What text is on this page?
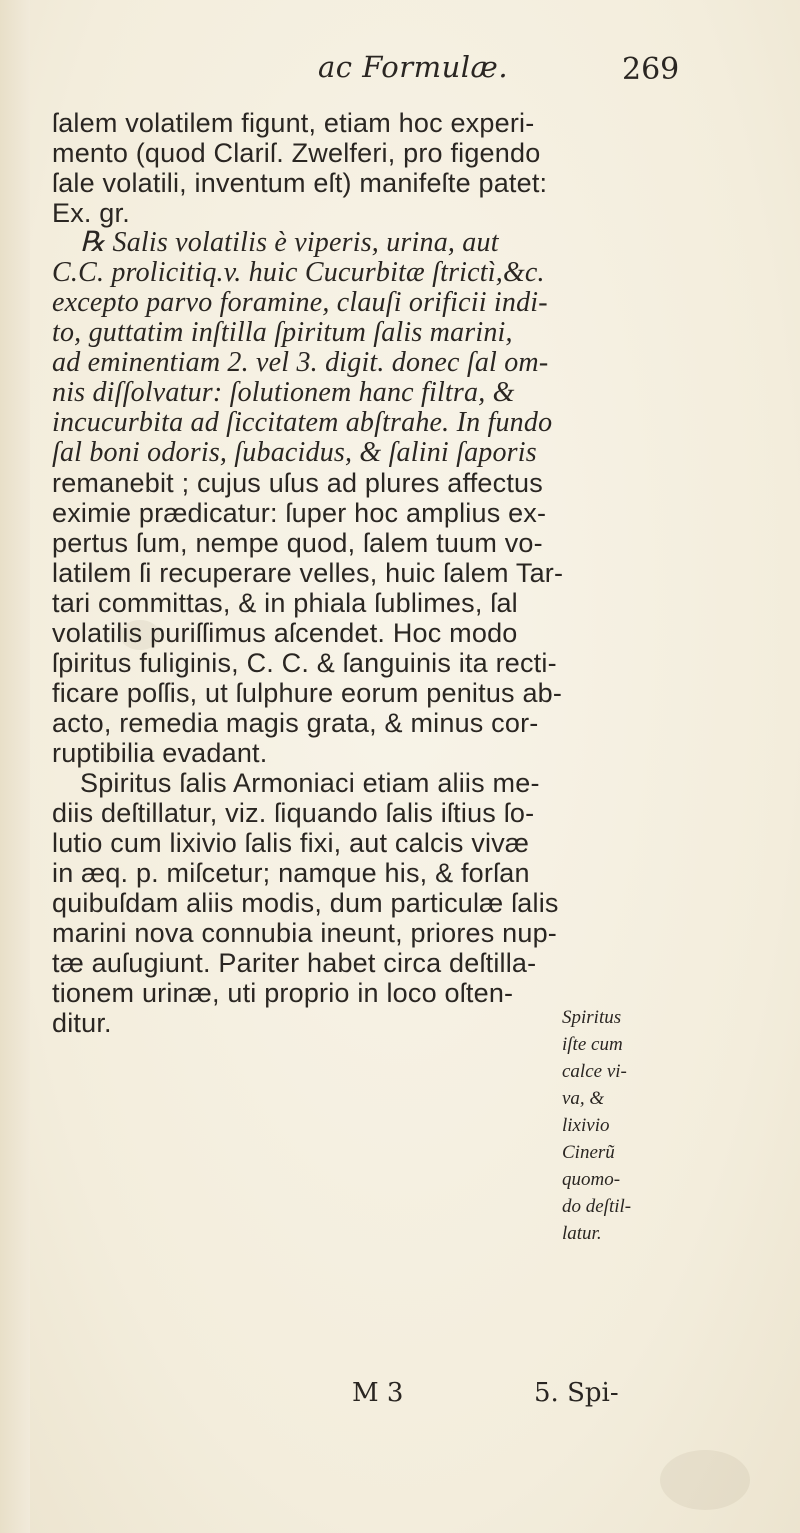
ac Formulæ.	269
ſalem volatilem figunt, etiam hoc experi-
mento (quod Clariſ. Zwelferi, pro figendo
ſale volatili, inventum eſt) manifeſte patet:
Ex. gr.
℞ Salis volatilis è viperis, urina, aut
C.C. prolicitiq.v. huic Cucurbitæ ſtrictì,&c.
excepto parvo foramine, clauſi orificii indi-
to, guttatim inſtilla ſpiritum ſalis marini,
ad eminentiam 2. vel 3. digit. donec ſal om-
nis diſſolvatur: ſolutionem hanc filtra, &
incucurbita ad ſiccitatem abſtrahe. In fundo
ſal boni odoris, ſubacidus, & ſalini ſaporis
remanebit ; cujus uſus ad plures affectus
eximie prædicatur: ſuper hoc amplius ex-
pertus ſum, nempe quod, ſalem tuum vo-
latilem ſi recuperare velles, huic ſalem Tar-
tari committas, & in phiala ſublimes, ſal
volatilis puriſſimus aſcendet. Hoc modo
ſpiritus fuliginis, C. C. & ſanguinis ita recti-
ficare poſſis, ut ſulphure eorum penitus ab-
acto, remedia magis grata, & minus cor-
ruptibilia evadant.
Spiritus ſalis Armoniaci etiam aliis me-
diis deſtillatur, viz. ſiquando ſalis iſtius ſo-
lutio cum lixivio ſalis fixi, aut calcis vivæ
in æq. p. miſcetur; namque his, & forſan
quibuſdam aliis modis, dum particulæ ſalis
marini nova connubia ineunt, priores nup-
tæ auſugiunt. Pariter habet circa deſtilla-
tionem urinæ, uti proprio in loco oſten-
ditur.	Spiritus
iſte cum
calce vi-
va, &
lixivio
Cinerũ
quomo-
do deſtil-
latur.
M 3	5. Spi-
